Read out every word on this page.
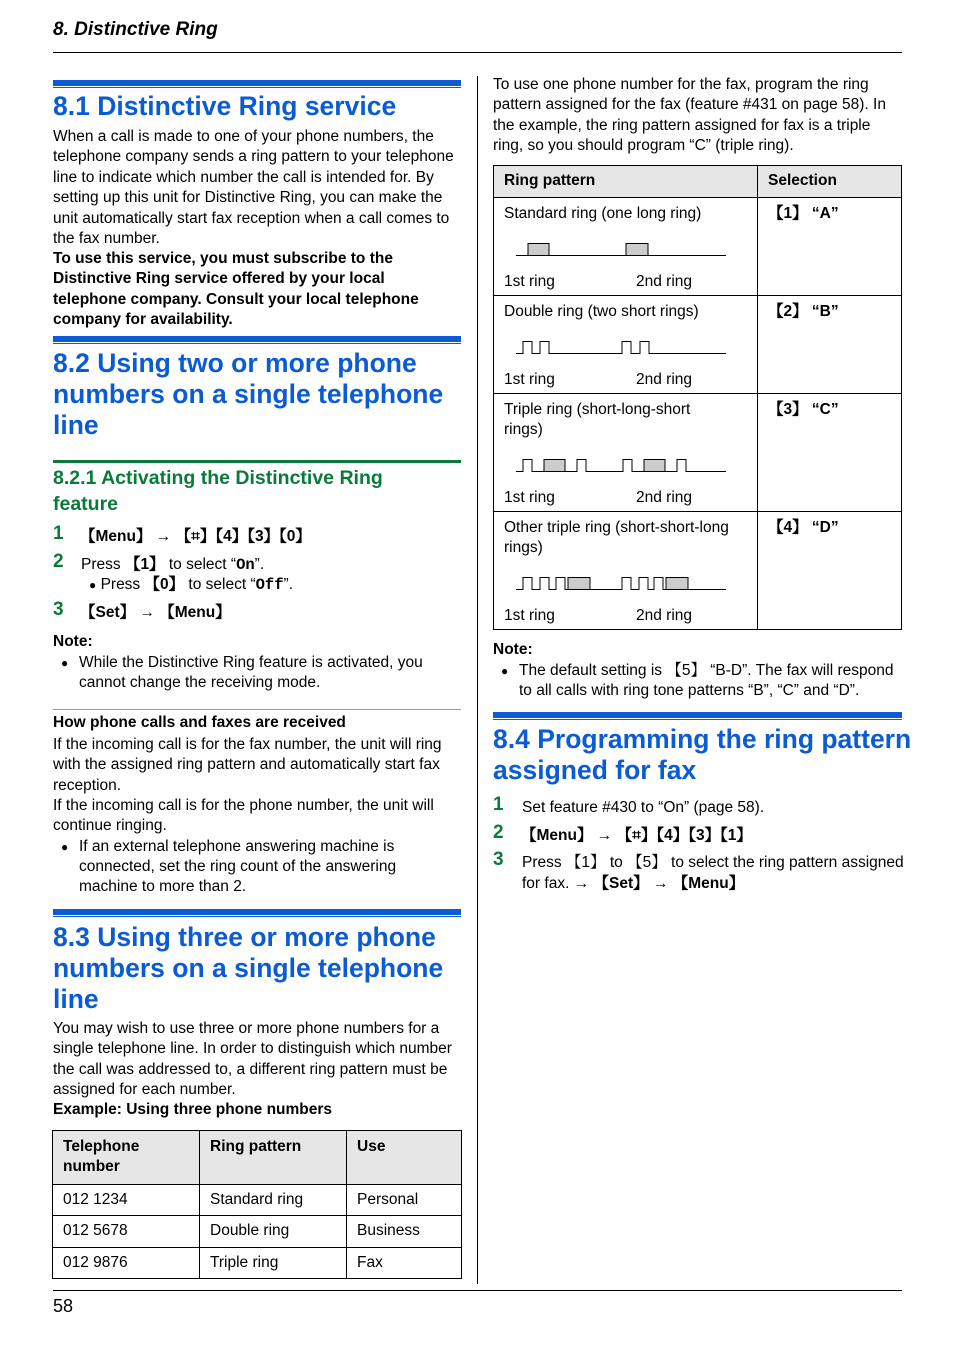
8. Distinctive Ring
58
8.1 Distinctive Ring service
When a call is made to one of your phone numbers, the telephone company sends a ring pattern to your telephone line to indicate which number the call is intended for. By setting up this unit for Distinctive Ring, you can make the unit automatically start fax reception when a call comes to the fax number.
To use this service, you must subscribe to the Distinctive Ring service offered by your local telephone company. Consult your local telephone company for availability.
8.2 Using two or more phone
numbers on a single telephone
line
8.2.1 Activating the Distinctive Ring
feature
1 【Menu】 → 【⌗】【4】【3】【0】
2 Press 【1】 to select “On”.
● Press 【0】 to select “Off”.
3 【Set】 → 【Menu】
Note:
● While the Distinctive Ring feature is activated, you
cannot change the receiving mode.
How phone calls and faxes are received
If the incoming call is for the fax number, the unit will ring with the assigned ring pattern and automatically start fax reception.
If the incoming call is for the phone number, the unit will continue ringing.
● If an external telephone answering machine is
connected, set the ring count of the answering
machine to more than 2.
8.3 Using three or more phone
numbers on a single telephone
line
You may wish to use three or more phone numbers for a single telephone line. In order to distinguish which number the call was addressed to, a different ring pattern must be assigned for each number.
Example: Using three phone numbers
Telephone number	Ring pattern	Use
012 1234	Standard ring	Personal
012 5678	Double ring	Business
012 9876	Triple ring	Fax
To use one phone number for the fax, program the ring pattern assigned for the fax (feature #431 on page 58). In the example, the ring pattern assigned for fax is a triple ring, so you should program “C” (triple ring).
Ring pattern	Selection

Standard ring (one long ring)
1st ring 2nd ring	【1】 “A”

Double ring (two short rings)
1st ring 2nd ring	【2】 “B”

Triple ring (short-long-short
rings)
1st ring 2nd ring	【3】 “C”

Other triple ring (short-short-long
rings)
1st ring 2nd ring	【4】 “D”
Note:
● The default setting is 【5】 “B-D”. The fax will respond
to all calls with ring tone patterns “B”, “C” and “D”.
8.4 Programming the ring pattern
assigned for fax
1 Set feature #430 to “On” (page 58).
2 【Menu】 → 【⌗】【4】【3】【1】
3 Press 【1】 to 【5】 to select the ring pattern assigned
for fax. → 【Set】 → 【Menu】
